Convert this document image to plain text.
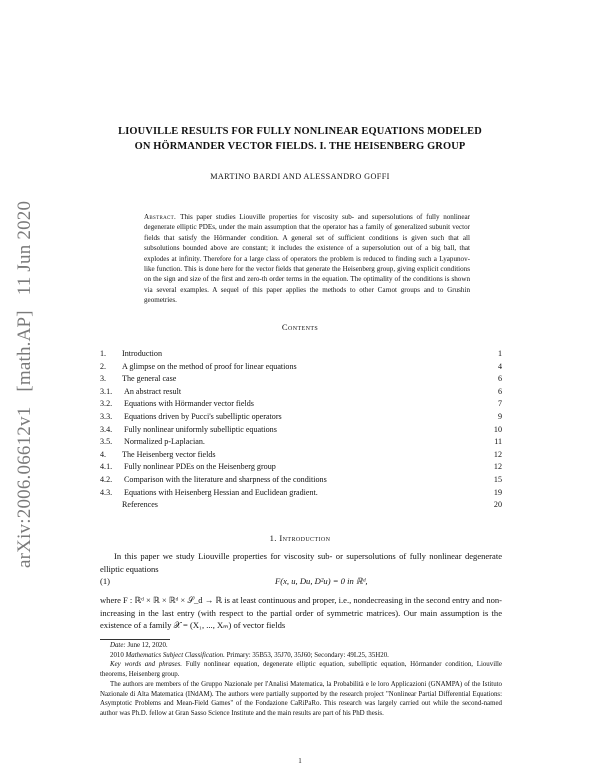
arXiv:2006.06612v1 [math.AP] 11 Jun 2020
LIOUVILLE RESULTS FOR FULLY NONLINEAR EQUATIONS MODELED
ON HÖRMANDER VECTOR FIELDS. I. THE HEISENBERG GROUP
MARTINO BARDI AND ALESSANDRO GOFFI
Abstract. This paper studies Liouville properties for viscosity sub- and supersolutions of fully nonlinear degenerate elliptic PDEs, under the main assumption that the operator has a family of generalized subunit vector fields that satisfy the Hörmander condition. A general set of sufficient conditions is given such that all subsolutions bounded above are constant; it includes the existence of a supersolution out of a big ball, that explodes at infinity. Therefore for a large class of operators the problem is reduced to finding such a Lyapunov-like function. This is done here for the vector fields that generate the Heisenberg group, giving explicit conditions on the sign and size of the first and zero-th order terms in the equation. The optimality of the conditions is shown via several examples. A sequel of this paper applies the methods to other Carnot groups and to Grushin geometries.
Contents
1.	Introduction	1
2.	A glimpse on the method of proof for linear equations	4
3.	The general case	6
3.1.	An abstract result	6
3.2.	Equations with Hörmander vector fields	7
3.3.	Equations driven by Pucci's subelliptic operators	9
3.4.	Fully nonlinear uniformly subelliptic equations	10
3.5.	Normalized p-Laplacian.	11
4.	The Heisenberg vector fields	12
4.1.	Fully nonlinear PDEs on the Heisenberg group	12
4.2.	Comparison with the literature and sharpness of the conditions	15
4.3.	Equations with Heisenberg Hessian and Euclidean gradient.	19
References	20
1. Introduction
In this paper we study Liouville properties for viscosity sub- or supersolutions of fully nonlinear degenerate elliptic equations
(1)	F(x, u, Du, D²u) = 0 in ℝᵈ,
where F : ℝᵈ × ℝ × ℝᵈ × 𝒮_d → ℝ is at least continuous and proper, i.e., nondecreasing in the second entry and non-increasing in the last entry (with respect to the partial order of symmetric matrices). Our main assumption is the existence of a family 𝒳 = (X₁, ..., Xₘ) of vector fields

Date: June 12, 2020.

2010 Mathematics Subject Classification. Primary: 35B53, 35J70, 35J60; Secondary: 49L25, 35H20.

Key words and phrases. Fully nonlinear equation, degenerate elliptic equation, subelliptic equation, Hörmander condition, Liouville theorems, Heisenberg group.

The authors are members of the Gruppo Nazionale per l'Analisi Matematica, la Probabilità e le loro Applicazioni (GNAMPA) of the Istituto Nazionale di Alta Matematica (INdAM). The authors were partially supported by the research project "Nonlinear Partial Differential Equations: Asymptotic Problems and Mean-Field Games" of the Fondazione CaRiPaRo. This research was largely carried out while the second-named author was Ph.D. fellow at Gran Sasso Science Institute and the main results are part of his PhD thesis.

1
